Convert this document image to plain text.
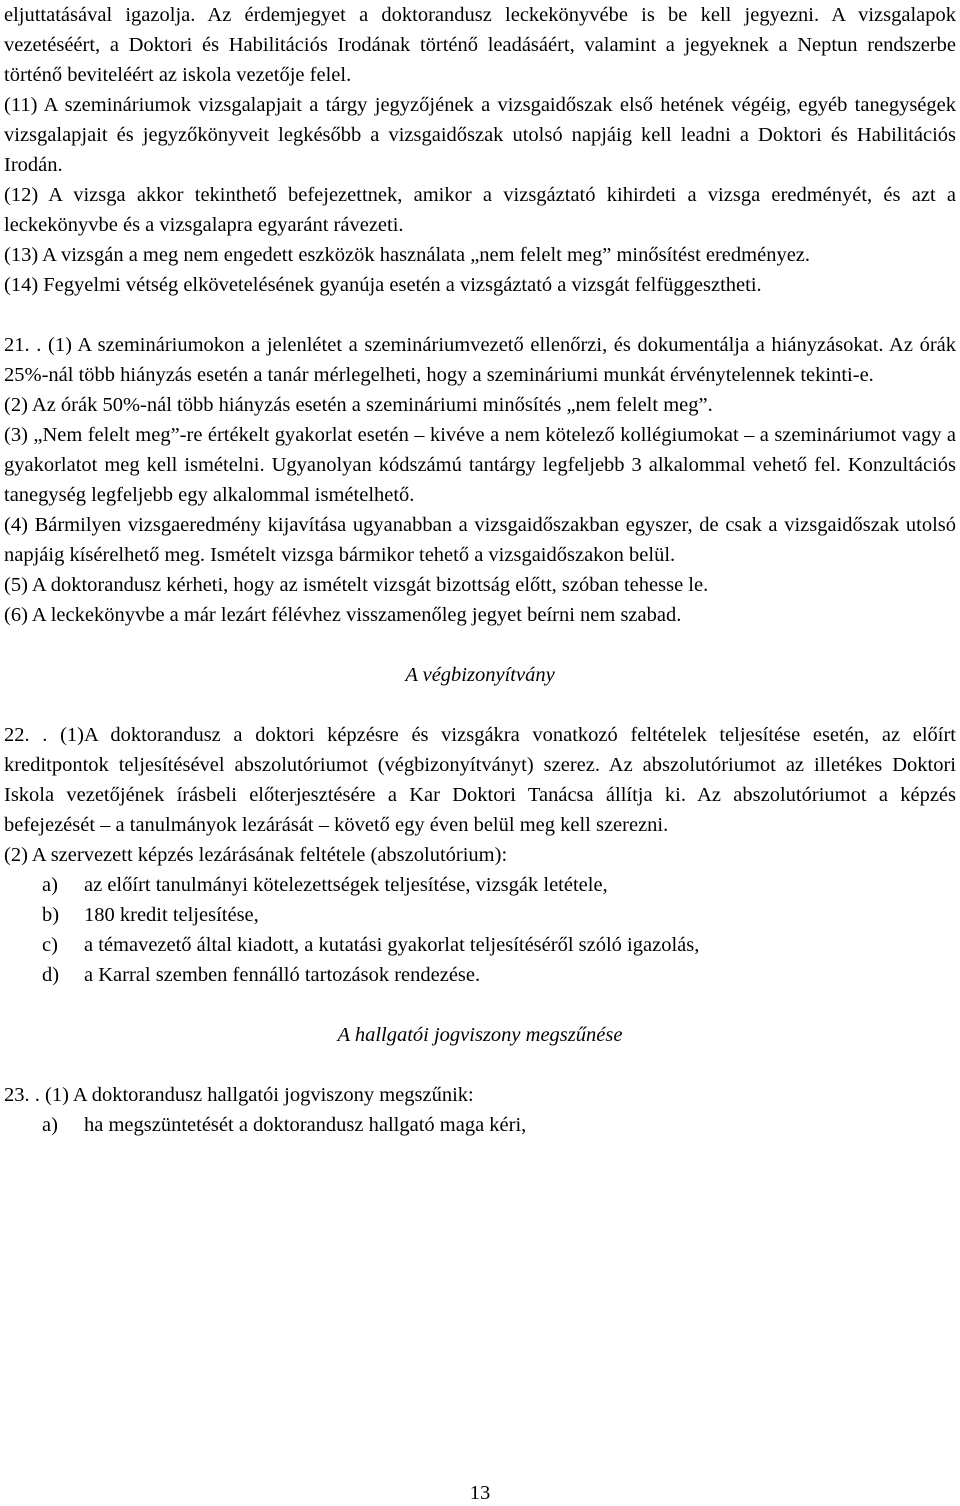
eljuttatásával igazolja. Az érdemjegyet a doktorandusz leckekönyvébe is be kell jegyezni. A vizsgalapok vezetéséért, a Doktori és Habilitációs Irodának történő leadásáért, valamint a jegyeknek a Neptun rendszerbe történő beviteléért az iskola vezetője felel.

(11) A szemináriumok vizsgalapjait a tárgy jegyzőjének a vizsgaidőszak első hetének végéig, egyéb tanegységek vizsgalapjait és jegyzőkönyveit legkésőbb a vizsgaidőszak utolsó napjáig kell leadni a Doktori és Habilitációs Irodán.

(12) A vizsga akkor tekinthető befejezettnek, amikor a vizsgáztató kihirdeti a vizsga eredményét, és azt a leckekönyvbe és a vizsgalapra egyaránt rávezeti.

(13) A vizsgán a meg nem engedett eszközök használata „nem felelt meg” minősítést eredményez.

(14) Fegyelmi vétség elkövetelésének gyanúja esetén a vizsgáztató a vizsgát felfüggesztheti.

21. . (1) A szemináriumokon a jelenlétet a szemináriumvezető ellenőrzi, és dokumentálja a hiányzásokat. Az órák 25%-nál több hiányzás esetén a tanár mérlegelheti, hogy a szemináriumi munkát érvénytelennek tekinti-e.

(2) Az órák 50%-nál több hiányzás esetén a szemináriumi minősítés „nem felelt meg”.

(3) „Nem felelt meg”-re értékelt gyakorlat esetén – kivéve a nem kötelező kollégiumokat – a szemináriumot vagy a gyakorlatot meg kell ismételni. Ugyanolyan kódszámú tantárgy legfeljebb 3 alkalommal vehető fel. Konzultációs tanegység legfeljebb egy alkalommal ismételhető.

(4) Bármilyen vizsgaeredmény kijavítása ugyanabban a vizsgaidőszakban egyszer, de csak a vizsgaidőszak utolsó napjáig kísérelhető meg. Ismételt vizsga bármikor tehető a vizsgaidőszakon belül.

(5) A doktorandusz kérheti, hogy az ismételt vizsgát bizottság előtt, szóban tehesse le.

(6) A leckekönyvbe a már lezárt félévhez visszamenőleg jegyet beírni nem szabad.

A végbizonyítvány

22. . (1)A doktorandusz a doktori képzésre és vizsgákra vonatkozó feltételek teljesítése esetén, az előírt kreditpontok teljesítésével abszolutóriumot (végbizonyítványt) szerez. Az abszolutóriumot az illetékes Doktori Iskola vezetőjének írásbeli előterjesztésére a Kar Doktori Tanácsa állítja ki. Az abszolutóriumot a képzés befejezését – a tanulmányok lezárását – követő egy éven belül meg kell szerezni.

(2) A szervezett képzés lezárásának feltétele (abszolutórium):

a)	az előírt tanulmányi kötelezettségek teljesítése, vizsgák letétele,
b)	180 kredit teljesítése,
c)	a témavezető által kiadott, a kutatási gyakorlat teljesítéséről szóló igazolás,
d)	a Karral szemben fennálló tartozások rendezése.

A hallgatói jogviszony megszűnése

23. . (1) A doktorandusz hallgatói jogviszony megszűnik:

a)	ha megszüntetését a doktorandusz hallgató maga kéri,
13
